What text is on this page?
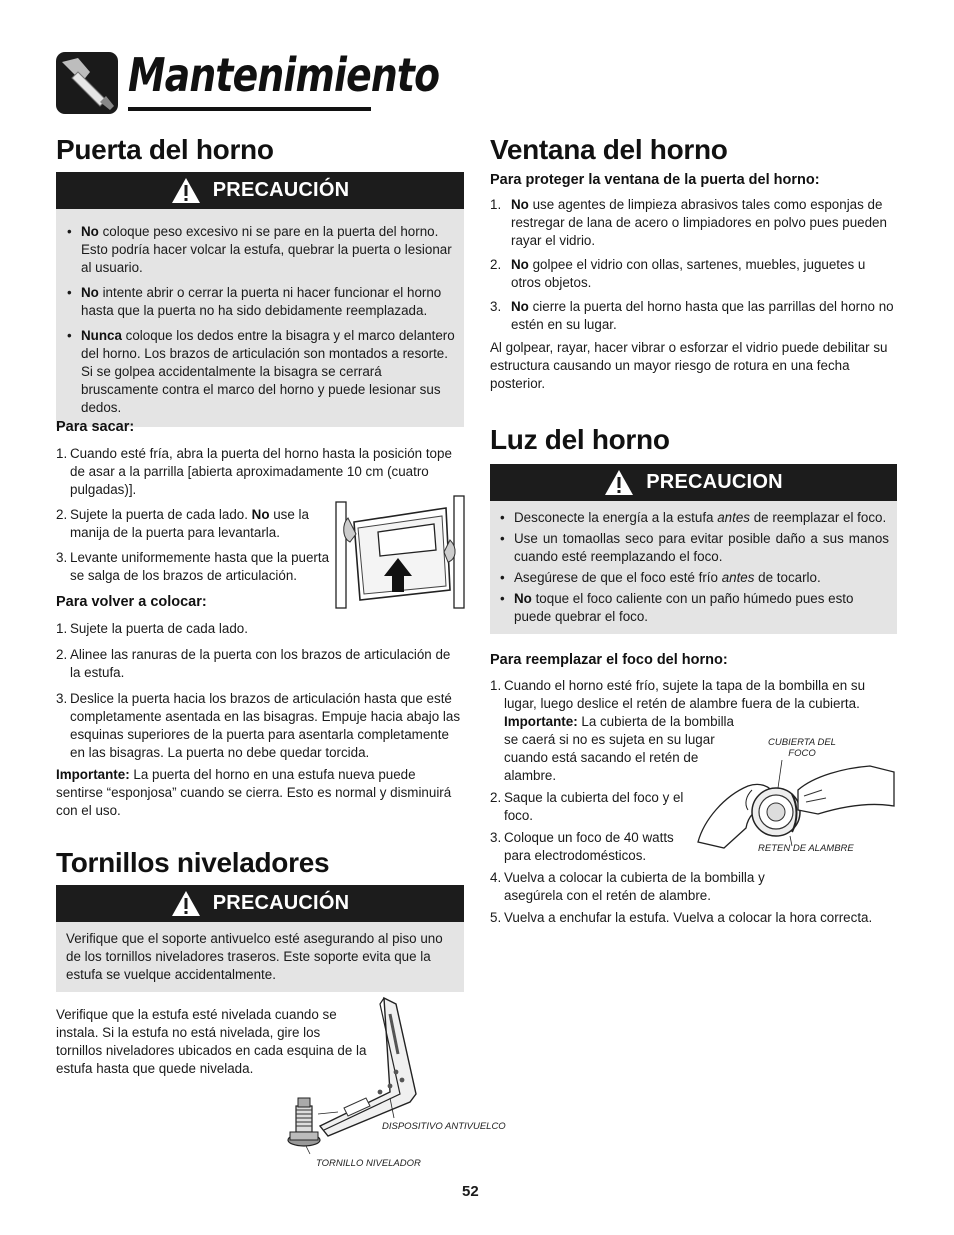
Mantenimiento
Puerta del horno
PRECAUCIÓN
• No coloque peso excesivo ni se pare en la puerta del horno. Esto podría hacer volcar la estufa, quebrar la puerta o lesionar al usuario.
• No intente abrir o cerrar la puerta ni hacer funcionar el horno hasta que la puerta no ha sido debidamente reemplazada.
• Nunca coloque los dedos entre la bisagra y el marco delantero del horno. Los brazos de articulación son montados a resorte. Si se golpea accidentalmente la bisagra se cerrará bruscamente contra el marco del horno y puede lesionar sus dedos.
Para sacar:
1. Cuando esté fría, abra la puerta del horno hasta la posición tope de asar a la parrilla [abierta aproximadamente 10 cm (cuatro pulgadas)].
2. Sujete la puerta de cada lado. No use la manija de la puerta para levantarla.
3. Levante uniformemente hasta que la puerta se salga de los brazos de articulación.
Para volver a colocar:
1. Sujete la puerta de cada lado.
2. Alinee las ranuras de la puerta con los brazos de articulación de la estufa.
3. Deslice la puerta hacia los brazos de articulación hasta que esté completamente asentada en las bisagras. Empuje hacia abajo las esquinas superiores de la puerta para asentarla completamente en las bisagras. La puerta no debe quedar torcida.
Importante: La puerta del horno en una estufa nueva puede sentirse “esponjosa” cuando se cierra. Esto es normal y disminuirá con el uso.
Tornillos niveladores
PRECAUCIÓN
Verifique que el soporte antivuelco esté asegurando al piso uno de los tornillos niveladores traseros. Este soporte evita que la estufa se vuelque accidentalmente.
Verifique que la estufa esté nivelada cuando se instala. Si la estufa no está nivelada, gire los tornillos niveladores ubicados en cada esquina de la estufa hasta que quede nivelada.
DISPOSITIVO ANTIVUELCO
TORNILLO NIVELADOR
Ventana del horno
Para proteger la ventana de la puerta del horno:
1. No use agentes de limpieza abrasivos tales como esponjas de restregar de lana de acero o limpiadores en polvo pues pueden rayar el vidrio.
2. No golpee el vidrio con ollas, sartenes, muebles, juguetes u otros objetos.
3. No cierre la puerta del horno hasta que las parrillas del horno no estén en su lugar.
Al golpear, rayar, hacer vibrar o esforzar el vidrio puede debilitar su estructura causando un mayor riesgo de rotura en una fecha posterior.
Luz del horno
PRECAUCION
• Desconecte la energía a la estufa antes de reemplazar el foco.
• Use un tomaollas seco para evitar posible daño a sus manos cuando esté reemplazando el foco.
• Asegúrese de que el foco esté frío antes de tocarlo.
• No toque el foco caliente con un paño húmedo pues esto puede quebrar el foco.
Para reemplazar el foco del horno:
1. Cuando el horno esté frío, sujete la tapa de la bombilla en su lugar, luego deslice el retén de alambre fuera de la cubierta.
Importante: La cubierta de la bombilla se caerá si no es sujeta en su lugar cuando está sacando el retén de alambre.
2. Saque la cubierta del foco y el foco.
3. Coloque un foco de 40 watts para electrodomésticos.
4. Vuelva a colocar la cubierta de la bombilla y asegúrela con el retén de alambre.
5. Vuelva a enchufar la estufa. Vuelva a colocar la hora correcta.
CUBIERTA DEL FOCO
RETEN DE ALAMBRE
52
